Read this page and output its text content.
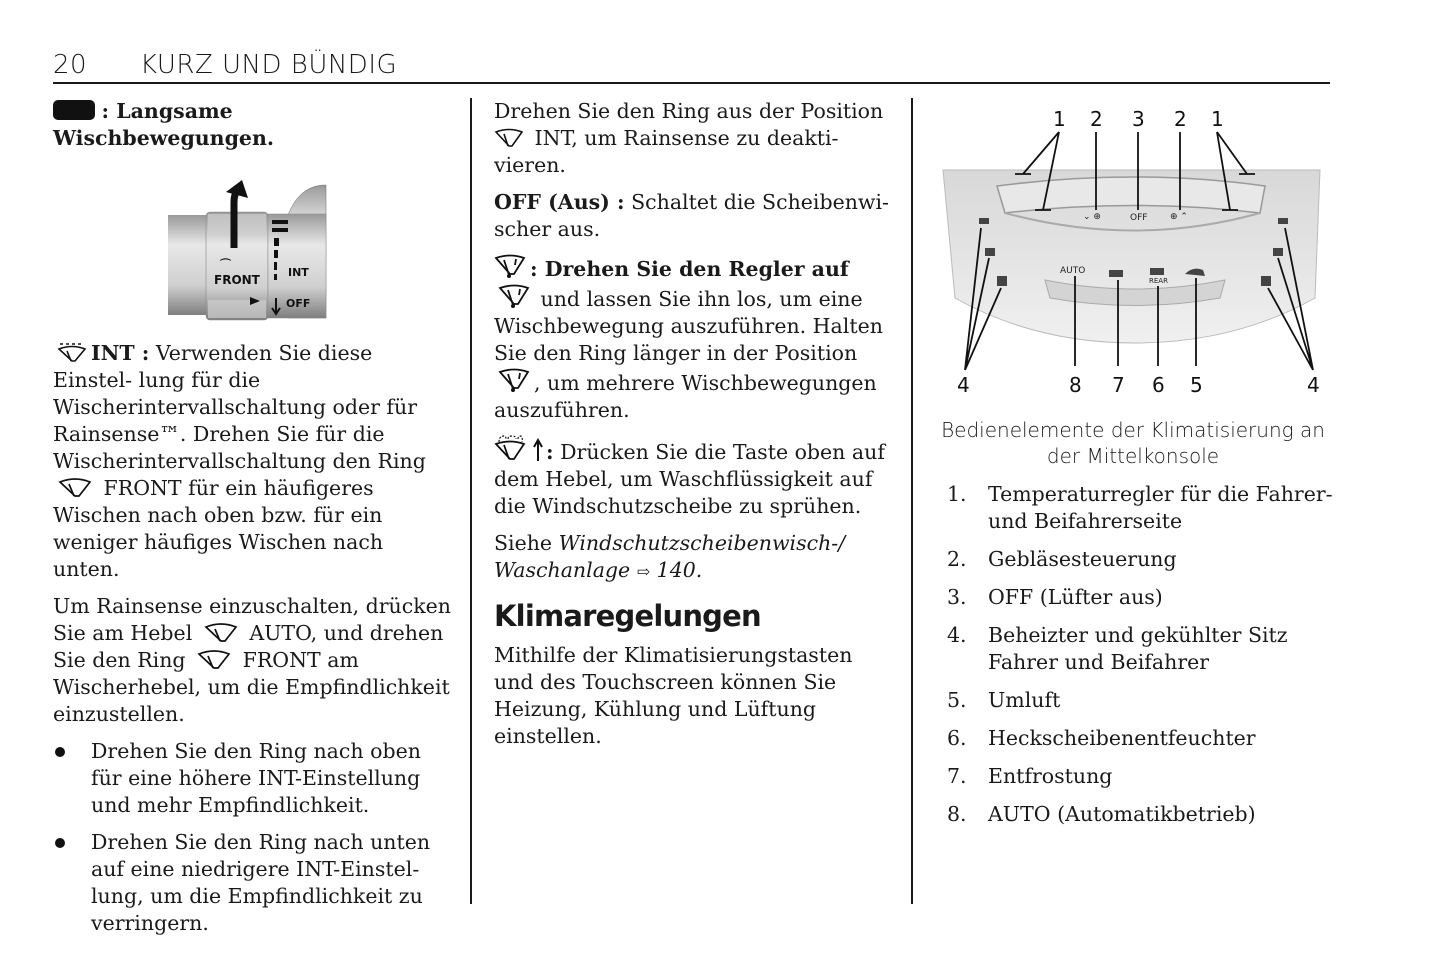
20 KURZ UND BÜNDIG

: Langsame Wischbewegungen.

⌒
FRONT
INT
OFF

INT : Verwenden Sie diese Einstel- lung für die Wischerintervallschaltung oder für Rainsense™. Drehen Sie für die Wischerintervallschaltung den Ring  FRONT für ein häufigeres Wischen nach oben bzw. für ein weniger häufiges Wischen nach unten.

Um Rainsense einzuschalten, drücken Sie am Hebel	AUTO, und drehen Sie den Ring	FRONT am Wischerhebel, um die Empfindlichkeit einzustellen.

Drehen Sie den Ring nach oben für eine höhere INT-Einstellung und mehr Empfindlichkeit.
Drehen Sie den Ring nach unten auf eine niedrigere INT-Einstellung, um die Empfindlichkeit zu verringern.

Drehen Sie den Ring aus der Position
INT, um Rainsense zu deaktivieren.

OFF (Aus) : Schaltet die Scheibenwischer aus.

: Drehen Sie den Regler auf  und lassen Sie ihn los, um eine Wischbewegung auszuführen. Halten Sie den Ring länger in der Position , um mehrere Wischbewegungen auszuführen.

: Drücken Sie die Taste oben auf dem Hebel, um Waschflüssigkeit auf die Windschutzscheibe zu sprühen.

Siehe Windschutzscheibenwisch-/ Waschanlage ⇨ 140.

Klimaregelungen

Mithilfe der Klimatisierungstasten und des Touchscreen können Sie Heizung, Kühlung und Lüftung einstellen.

1 2 3 2 1
⌄ ⊕	OFF	⊕ ⌃
AUTO
REAR
4	8 7 6 5	4
Bedienelemente der Klimatisierung an der Mittelkonsole
1. Temperaturregler für die Fahrer- und Beifahrerseite
2. Gebläsesteuerung
3. OFF (Lüfter aus)
4. Beheizter und gekühlter Sitz Fahrer und Beifahrer
5. Umluft
6. Heckscheibenentfeuchter
7. Entfrostung
8. AUTO (Automatikbetrieb)
